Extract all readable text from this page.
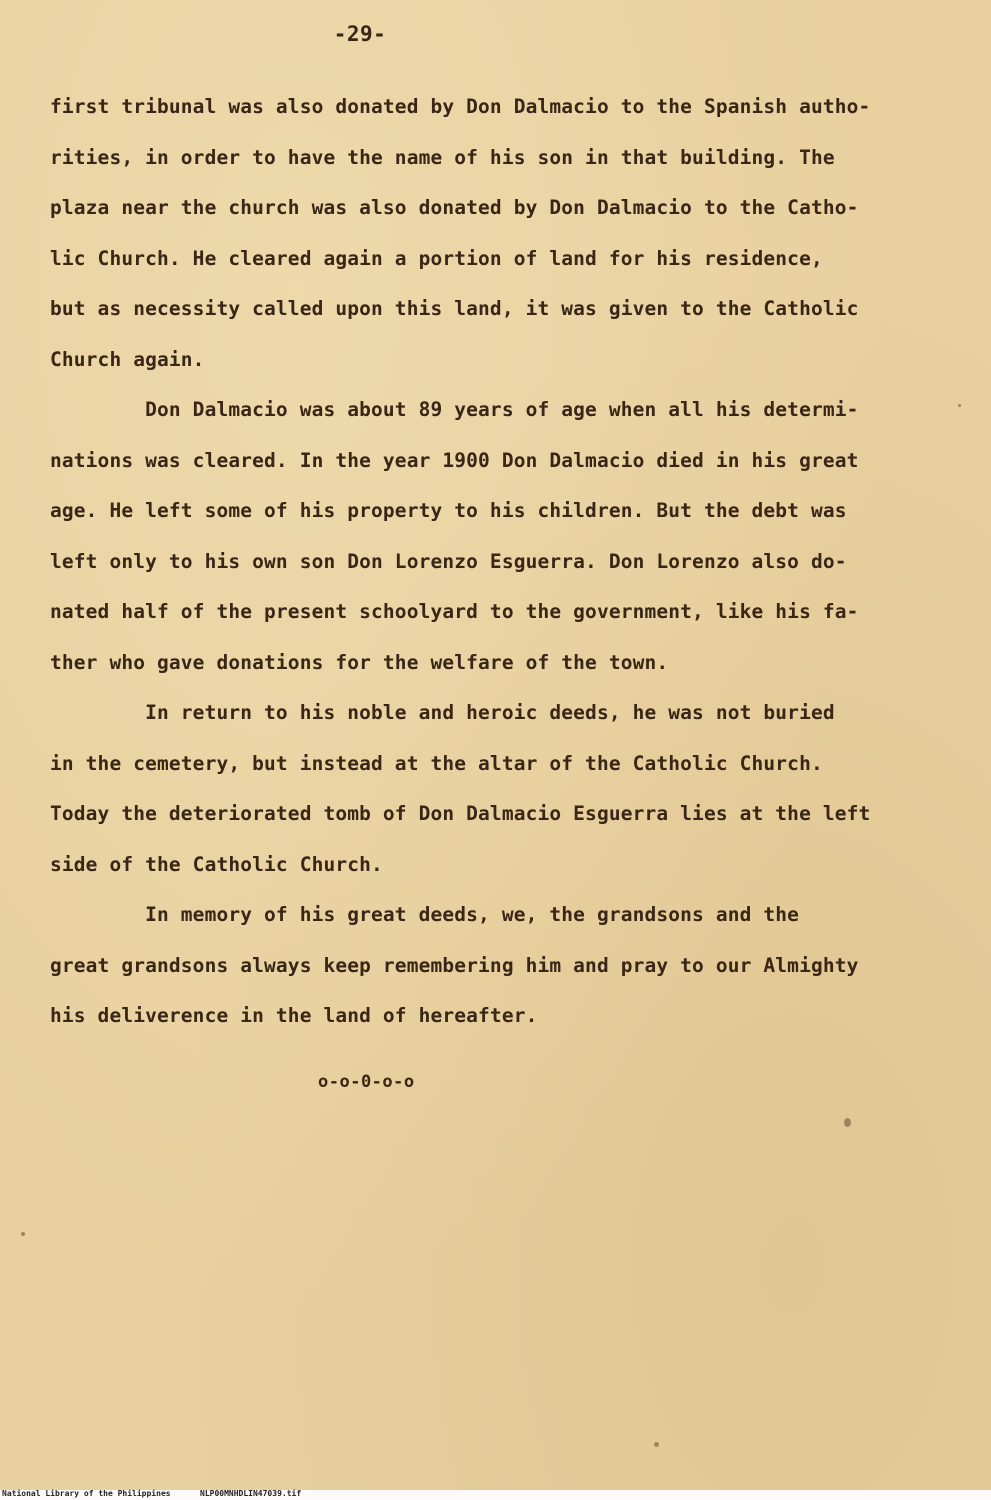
-29-
first tribunal was also donated by Don Dalmacio to the Spanish autho-
rities, in order to have the name of his son in that building. The
plaza near the church was also donated by Don Dalmacio to the Catho-
lic Church. He cleared again a portion of land for his residence,
but as necessity called upon this land, it was given to the Catholic
Church again.
Don Dalmacio was about 89 years of age when all his determi-
nations was cleared. In the year 1900 Don Dalmacio died in his great
age. He left some of his property to his children. But the debt was
left only to his own son Don Lorenzo Esguerra. Don Lorenzo also do-
nated half of the present schoolyard to the government, like his fa-
ther who gave donations for the welfare of the town.
In return to his noble and heroic deeds, he was not buried
in the cemetery, but instead at the altar of the Catholic Church.
Today the deteriorated tomb of Don Dalmacio Esguerra lies at the left
side of the Catholic Church.
In memory of his great deeds, we, the grandsons and the
great grandsons always keep remembering him and pray to our Almighty
his deliverence in the land of hereafter.
o-o-0-o-o
National Library of the Philippines	NLP00MNHDLIN47039.tif
